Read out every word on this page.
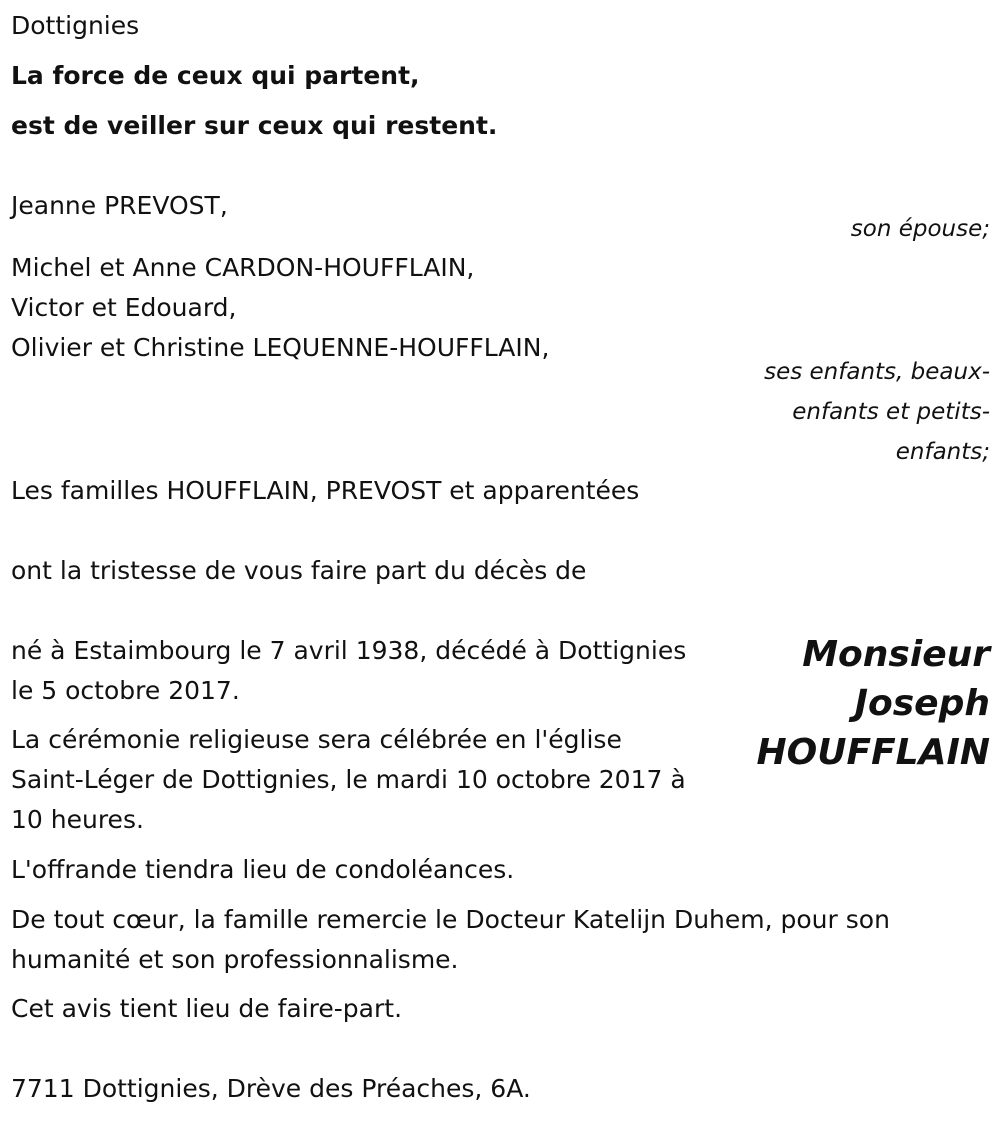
Dottignies
La force de ceux qui partent,
est de veiller sur ceux qui restent.
Jeanne PREVOST,
son épouse;
Michel et Anne CARDON-HOUFFLAIN,
Victor et Edouard,
Olivier et Christine LEQUENNE-HOUFFLAIN,
ses enfants, beaux-
enfants et petits-
enfants;
Les familles HOUFFLAIN, PREVOST et apparentées
ont la tristesse de vous faire part du décès de
né à Estaimbourg le 7 avril 1938, décédé à Dottignies
le 5 octobre 2017.
La cérémonie religieuse sera célébrée en l'église
Saint-Léger de Dottignies, le mardi 10 octobre 2017 à
10 heures.
Monsieur
Joseph
HOUFFLAIN
L'offrande tiendra lieu de condoléances.
De tout cœur, la famille remercie le Docteur Katelijn Duhem, pour son
humanité et son professionnalisme.
Cet avis tient lieu de faire-part.
7711 Dottignies, Drève des Préaches, 6A.
